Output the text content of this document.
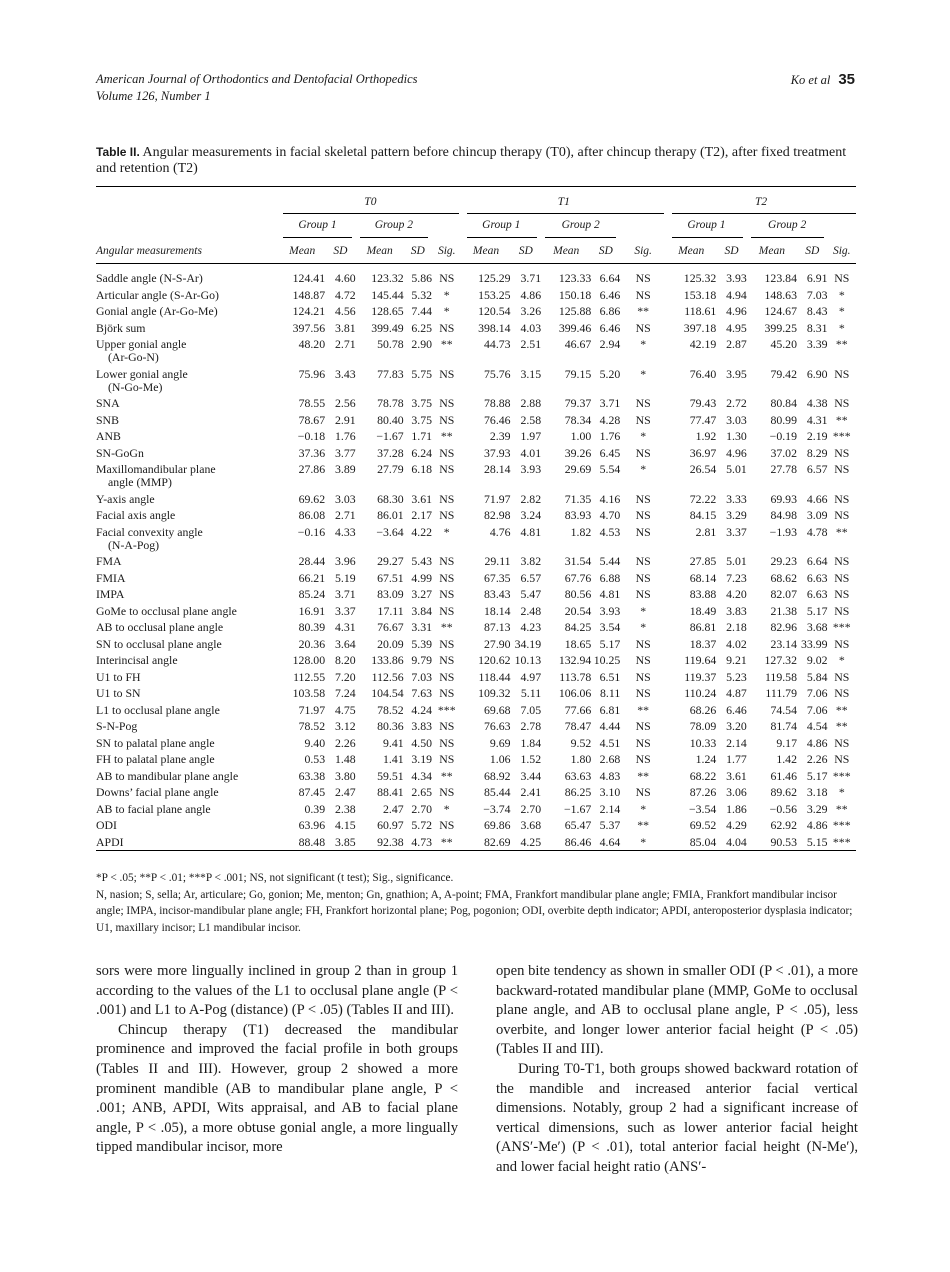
American Journal of Orthodontics and Dentofacial Orthopedics
Volume 126, Number 1
Ko et al 35
Table II. Angular measurements in facial skeletal pattern before chincup therapy (T0), after chincup therapy (T2), after fixed treatment and retention (T2)
	T0					T1					T2				

	Group 1		Group 2			Group 1		Group 2			Group 1		Group 2		

Angular measurements	Mean	SD	Mean	SD	Sig.	Mean	SD	Mean	SD	Sig.	Mean	SD	Mean	SD	Sig.

Saddle angle (N-S-Ar)	124.41	4.60	123.32	5.86	NS	125.29	3.71	123.33	6.64	NS	125.32	3.93	123.84	6.91	NS

Articular angle (S-Ar-Go)	148.87	4.72	145.44	5.32	*	153.25	4.86	150.18	6.46	NS	153.18	4.94	148.63	7.03	*

Gonial angle (Ar-Go-Me)	124.21	4.56	128.65	7.44	*	120.54	3.26	125.88	6.86	**	118.61	4.96	124.67	8.43	*

Björk sum	397.56	3.81	399.49	6.25	NS	398.14	4.03	399.46	6.46	NS	397.18	4.95	399.25	8.31	*

Upper gonial angle
(Ar-Go-N)	48.20	2.71	50.78	2.90	**	44.73	2.51	46.67	2.94	*	42.19	2.87	45.20	3.39	**

Lower gonial angle
(N-Go-Me)	75.96	3.43	77.83	5.75	NS	75.76	3.15	79.15	5.20	*	76.40	3.95	79.42	6.90	NS

SNA	78.55	2.56	78.78	3.75	NS	78.88	2.88	79.37	3.71	NS	79.43	2.72	80.84	4.38	NS

SNB	78.67	2.91	80.40	3.75	NS	76.46	2.58	78.34	4.28	NS	77.47	3.03	80.99	4.31	**

ANB	−0.18	1.76	−1.67	1.71	**	2.39	1.97	1.00	1.76	*	1.92	1.30	−0.19	2.19	***

SN-GoGn	37.36	3.77	37.28	6.24	NS	37.93	4.01	39.26	6.45	NS	36.97	4.96	37.02	8.29	NS

Maxillomandibular plane
angle (MMP)	27.86	3.89	27.79	6.18	NS	28.14	3.93	29.69	5.54	*	26.54	5.01	27.78	6.57	NS

Y-axis angle	69.62	3.03	68.30	3.61	NS	71.97	2.82	71.35	4.16	NS	72.22	3.33	69.93	4.66	NS

Facial axis angle	86.08	2.71	86.01	2.17	NS	82.98	3.24	83.93	4.70	NS	84.15	3.29	84.98	3.09	NS

Facial convexity angle
(N-A-Pog)	−0.16	4.33	−3.64	4.22	*	4.76	4.81	1.82	4.53	NS	2.81	3.37	−1.93	4.78	**

FMA	28.44	3.96	29.27	5.43	NS	29.11	3.82	31.54	5.44	NS	27.85	5.01	29.23	6.64	NS

FMIA	66.21	5.19	67.51	4.99	NS	67.35	6.57	67.76	6.88	NS	68.14	7.23	68.62	6.63	NS

IMPA	85.24	3.71	83.09	3.27	NS	83.43	5.47	80.56	4.81	NS	83.88	4.20	82.07	6.63	NS

GoMe to occlusal plane angle	16.91	3.37	17.11	3.84	NS	18.14	2.48	20.54	3.93	*	18.49	3.83	21.38	5.17	NS

AB to occlusal plane angle	80.39	4.31	76.67	3.31	**	87.13	4.23	84.25	3.54	*	86.81	2.18	82.96	3.68	***

SN to occlusal plane angle	20.36	3.64	20.09	5.39	NS	27.90	34.19	18.65	5.17	NS	18.37	4.02	23.14	33.99	NS

Interincisal angle	128.00	8.20	133.86	9.79	NS	120.62	10.13	132.94	10.25	NS	119.64	9.21	127.32	9.02	*

U1 to FH	112.55	7.20	112.56	7.03	NS	118.44	4.97	113.78	6.51	NS	119.37	5.23	119.58	5.84	NS

U1 to SN	103.58	7.24	104.54	7.63	NS	109.32	5.11	106.06	8.11	NS	110.24	4.87	111.79	7.06	NS

L1 to occlusal plane angle	71.97	4.75	78.52	4.24	***	69.68	7.05	77.66	6.81	**	68.26	6.46	74.54	7.06	**

S-N-Pog	78.52	3.12	80.36	3.83	NS	76.63	2.78	78.47	4.44	NS	78.09	3.20	81.74	4.54	**

SN to palatal plane angle	9.40	2.26	9.41	4.50	NS	9.69	1.84	9.52	4.51	NS	10.33	2.14	9.17	4.86	NS

FH to palatal plane angle	0.53	1.48	1.41	3.19	NS	1.06	1.52	1.80	2.68	NS	1.24	1.77	1.42	2.26	NS

AB to mandibular plane angle	63.38	3.80	59.51	4.34	**	68.92	3.44	63.63	4.83	**	68.22	3.61	61.46	5.17	***

Downs’ facial plane angle	87.45	2.47	88.41	2.65	NS	85.44	2.41	86.25	3.10	NS	87.26	3.06	89.62	3.18	*

AB to facial plane angle	0.39	2.38	2.47	2.70	*	−3.74	2.70	−1.67	2.14	*	−3.54	1.86	−0.56	3.29	**

ODI	63.96	4.15	60.97	5.72	NS	69.86	3.68	65.47	5.37	**	69.52	4.29	62.92	4.86	***

APDI	88.48	3.85	92.38	4.73	**	82.69	4.25	86.46	4.64	*	85.04	4.04	90.53	5.15	***
*P < .05; **P < .01; ***P < .001; NS, not significant (t test); Sig., significance.
N, nasion; S, sella; Ar, articulare; Go, gonion; Me, menton; Gn, gnathion; A, A-point; FMA, Frankfort mandibular plane angle; FMIA, Frankfort mandibular incisor angle; IMPA, incisor-mandibular plane angle; FH, Frankfort horizontal plane; Pog, pogonion; ODI, overbite depth indicator; APDI, anteroposterior dysplasia indicator; U1, maxillary incisor; L1 mandibular incisor.

sors were more lingually inclined in group 2 than in group 1 according to the values of the L1 to occlusal plane angle (P < .001) and L1 to A-Pog (distance) (P < .05) (Tables II and III).

Chincup therapy (T1) decreased the mandibular prominence and improved the facial profile in both groups (Tables II and III). However, group 2 showed a more prominent mandible (AB to mandibular plane angle, P < .001; ANB, APDI, Wits appraisal, and AB to facial plane angle, P < .05), a more obtuse gonial angle, a more lingually tipped mandibular incisor, more

open bite tendency as shown in smaller ODI (P < .01), a more backward-rotated mandibular plane (MMP, GoMe to occlusal plane angle, and AB to occlusal plane angle, P < .05), less overbite, and longer lower anterior facial height (P < .05) (Tables II and III).

During T0-T1, both groups showed backward rotation of the mandible and increased anterior facial vertical dimensions. Notably, group 2 had a significant increase of vertical dimensions, such as lower anterior facial height (ANS′-Me′) (P < .01), total anterior facial height (N-Me′), and lower facial height ratio (ANS′-
